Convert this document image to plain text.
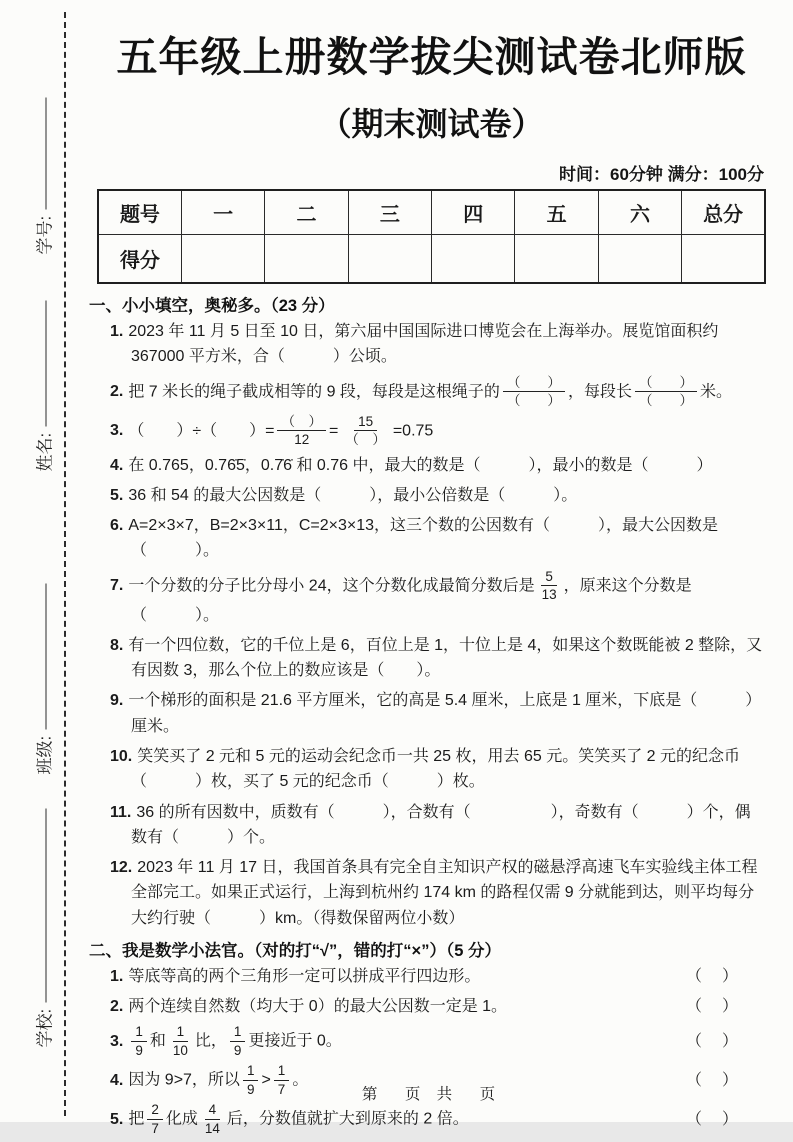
学号:
姓名:
班级:
学校:
五年级上册数学拔尖测试卷北师版
（期末测试卷）
时间：60分钟 满分：100分
题号	一	二	三	四	五	六	总分
得分							
一、小小填空，奥秘多。（23 分）
1. 2023 年 11 月 5 日至 10 日，第六届中国国际进口博览会在上海举办。展览馆面积约 367000 平方米，合（　　　）公顷。
2. 把 7 米长的绳子截成相等的 9 段，每段是这根绳子的 $\frac{( )}{( )}$ ，每段长 $\frac{( )}{( )}$ 米。
3. （　　）÷（　　）= $\frac{( )}{12} = \frac{15}{( )} =0.75$
4. 在 0.765，0.76̇5̇，0.7̇6̇ 和 0.76 中，最大的数是（　　　），最小的数是（　　　）
5. 36 和 54 的最大公因数是（　　　），最小公倍数是（　　　）。
6. A=2×3×7，B=2×3×11，C=2×3×13，这三个数的公因数有（　　　），最大公因数是（　　　）。
7. 一个分数的分子比分母小 24，这个分数化成最简分数后是 $\frac{5}{13}$ ，原来这个分数是（　　　）。
8. 有一个四位数，它的千位上是 6，百位上是 1，十位上是 4，如果这个数既能被 2 整除，又有因数 3，那么个位上的数应该是（　　）。
9. 一个梯形的面积是 21.6 平方厘米，它的高是 5.4 厘米，上底是 1 厘米，下底是（　　　）厘米。
10. 笑笑买了 2 元和 5 元的运动会纪念币一共 25 枚，用去 65 元。笑笑买了 2 元的纪念币（　　　）枚，买了 5 元的纪念币（　　　）枚。
11. 36 的所有因数中，质数有（　　　），合数有（　　　　　），奇数有（　　　）个，偶数有（　　　）个。
12. 2023 年 11 月 17 日，我国首条具有完全自主知识产权的磁悬浮高速飞车实验线主体工程全部完工。如果正式运行，上海到杭州约 174 km 的路程仅需 9 分就能到达，则平均每分大约行驶（　　　）km。（得数保留两位小数）
二、我是数学小法官。（对的打“√”，错的打“×”）（5 分）
1. 等底等高的两个三角形一定可以拼成平行四边形。	（　）
2. 两个连续自然数（均大于 0）的最大公因数一定是 1。	（　）
3. $\frac{1}{9}$ 和 $\frac{1}{10}$ 比， $\frac{1}{9}$ 更接近于 0。	（　）
4. 因为 9>7，所以 $\frac{1}{9} > \frac{1}{7}$ 。	（　）
5. 把 $\frac{2}{7}$ 化成 $\frac{4}{14}$ 后，分数值就扩大到原来的 2 倍。	（　）
第　页 共　页
